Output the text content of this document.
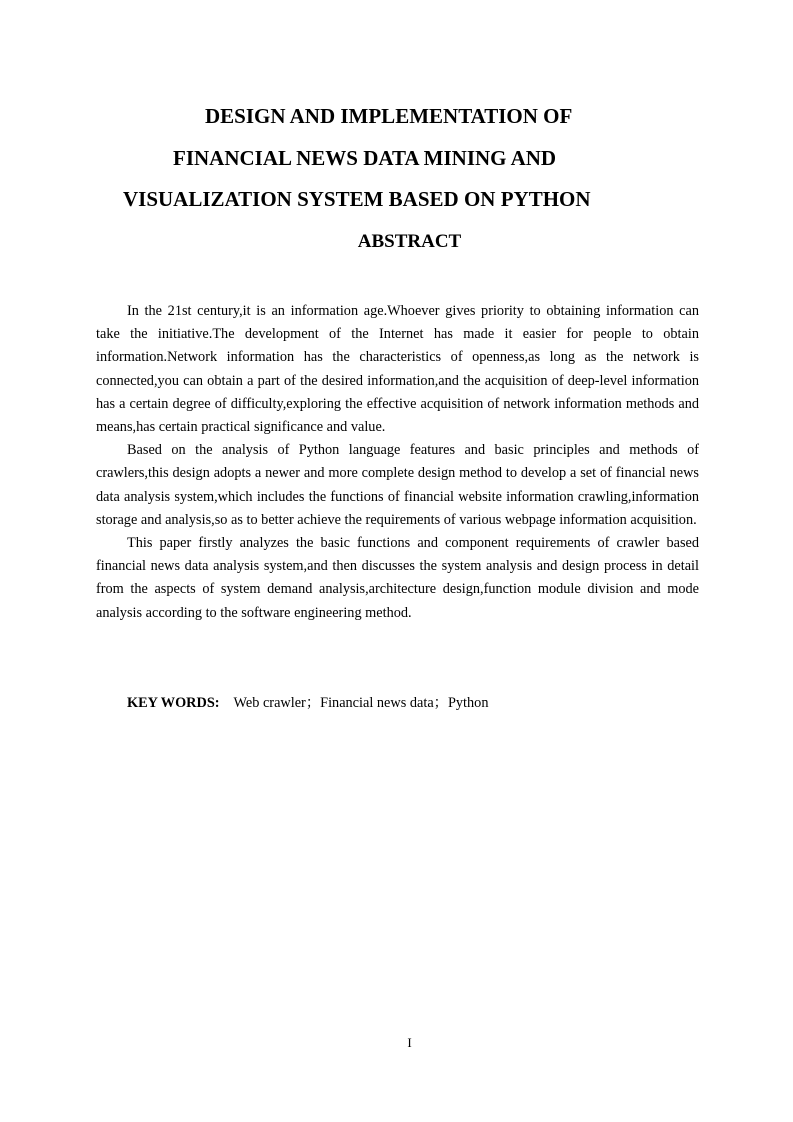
DESIGN AND IMPLEMENTATION OF
FINANCIAL NEWS DATA MINING AND
VISUALIZATION SYSTEM BASED ON PYTHON
ABSTRACT

In the 21st century,it is an information age.Whoever gives priority to obtaining information can take the initiative.The development of the Internet has made it easier for people to obtain information.Network information has the characteristics of openness,as long as the network is connected,you can obtain a part of the desired information,and the acquisition of deep-level information has a certain degree of difficulty,exploring the effective acquisition of network information methods and means,has certain practical significance and value.

Based on the analysis of Python language features and basic principles and methods of crawlers,this design adopts a newer and more complete design method to develop a set of financial news data analysis system,which includes the functions of financial website information crawling,information storage and analysis,so as to better achieve the requirements of various webpage information acquisition.

This paper firstly analyzes the basic functions and component requirements of crawler based financial news data analysis system,and then discusses the system analysis and design process in detail from the aspects of system demand analysis,architecture design,function module division and mode analysis according to the software engineering method.

KEY WORDS: Web crawler；Financial news data；Python
I
